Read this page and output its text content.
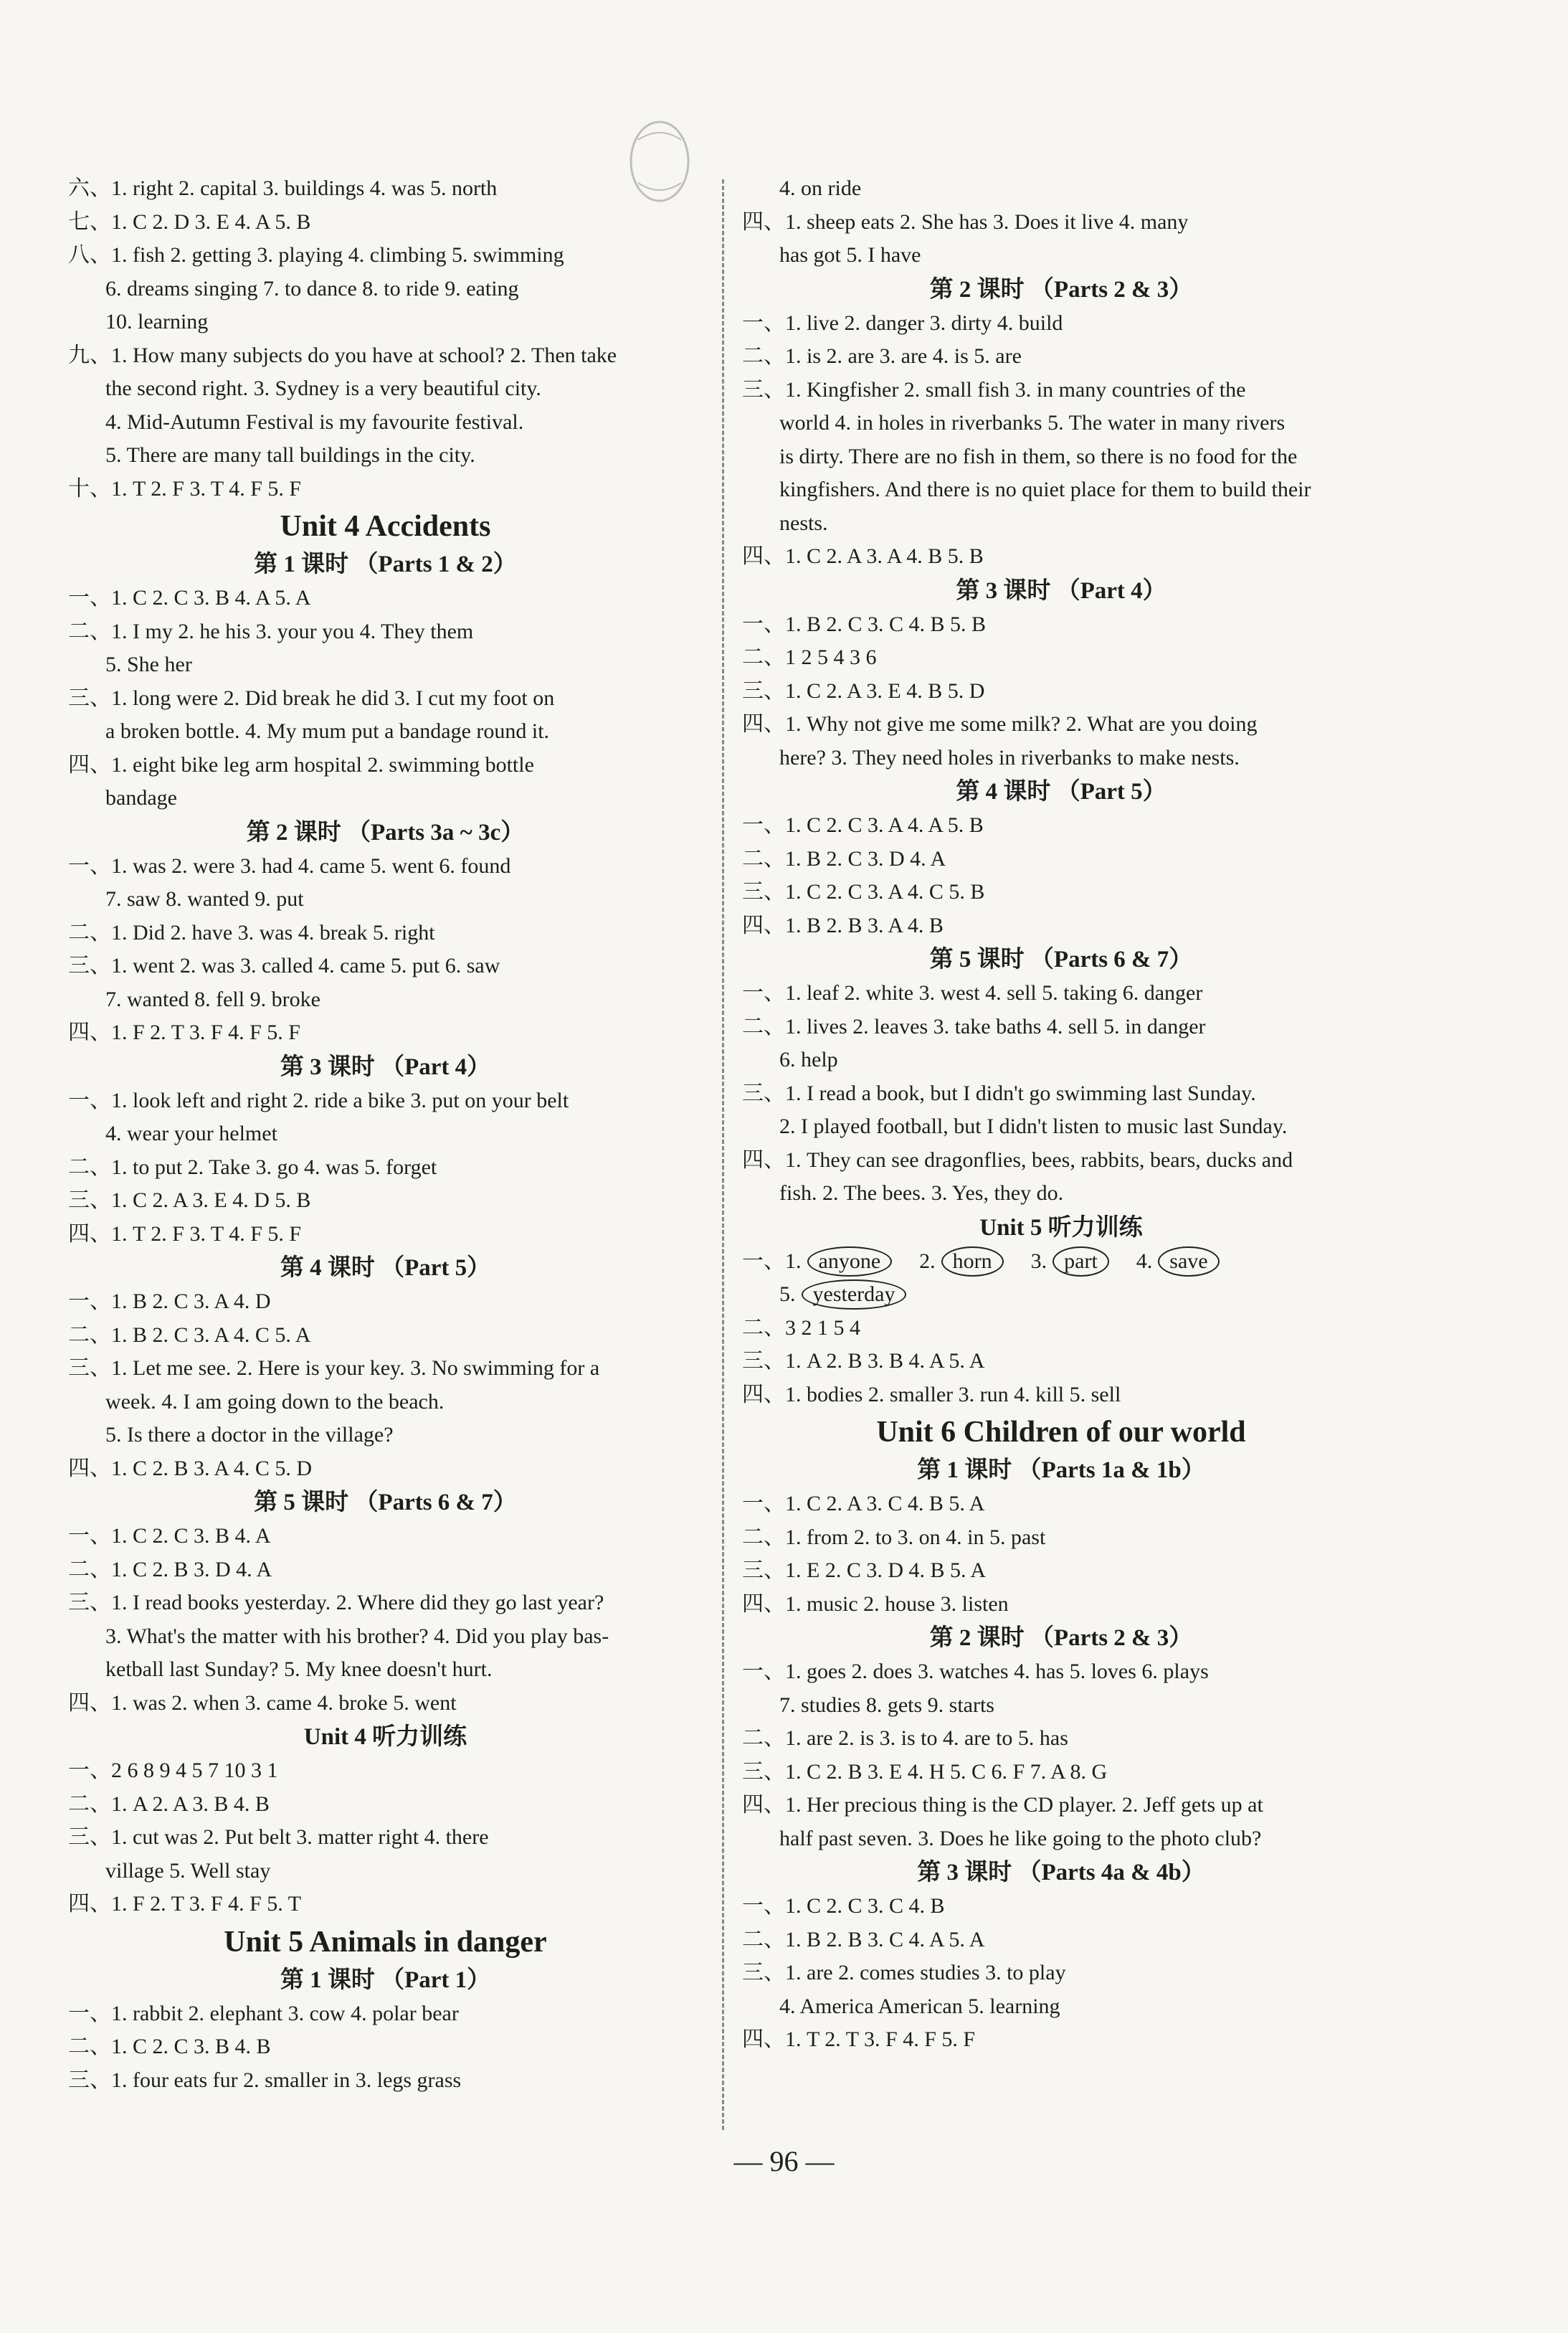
六、1. right 2. capital 3. buildings 4. was 5. north
七、1. C 2. D 3. E 4. A 5. B
八、1. fish 2. getting 3. playing 4. climbing 5. swimming
6. dreams singing 7. to dance 8. to ride 9. eating
10. learning
九、1. How many subjects do you have at school? 2. Then take
the second right. 3. Sydney is a very beautiful city.
4. Mid-Autumn Festival is my favourite festival.
5. There are many tall buildings in the city.
十、1. T 2. F 3. T 4. F 5. F
Unit 4 Accidents
第 1 课时 （Parts 1 & 2）
一、1. C 2. C 3. B 4. A 5. A
二、1. I my 2. he his 3. your you 4. They them
5. She her
三、1. long were 2. Did break he did 3. I cut my foot on
a broken bottle. 4. My mum put a bandage round it.
四、1. eight bike leg arm hospital 2. swimming bottle
bandage
第 2 课时 （Parts 3a ~ 3c）
一、1. was 2. were 3. had 4. came 5. went 6. found
7. saw 8. wanted 9. put
二、1. Did 2. have 3. was 4. break 5. right
三、1. went 2. was 3. called 4. came 5. put 6. saw
7. wanted 8. fell 9. broke
四、1. F 2. T 3. F 4. F 5. F
第 3 课时 （Part 4）
一、1. look left and right 2. ride a bike 3. put on your belt
4. wear your helmet
二、1. to put 2. Take 3. go 4. was 5. forget
三、1. C 2. A 3. E 4. D 5. B
四、1. T 2. F 3. T 4. F 5. F
第 4 课时 （Part 5）
一、1. B 2. C 3. A 4. D
二、1. B 2. C 3. A 4. C 5. A
三、1. Let me see. 2. Here is your key. 3. No swimming for a
week. 4. I am going down to the beach.
5. Is there a doctor in the village?
四、1. C 2. B 3. A 4. C 5. D
第 5 课时 （Parts 6 & 7）
一、1. C 2. C 3. B 4. A
二、1. C 2. B 3. D 4. A
三、1. I read books yesterday. 2. Where did they go last year?
3. What's the matter with his brother? 4. Did you play bas-
ketball last Sunday? 5. My knee doesn't hurt.
四、1. was 2. when 3. came 4. broke 5. went
Unit 4 听力训练
一、2 6 8 9 4 5 7 10 3 1
二、1. A 2. A 3. B 4. B
三、1. cut was 2. Put belt 3. matter right 4. there
village 5. Well stay
四、1. F 2. T 3. F 4. F 5. T
Unit 5 Animals in danger
第 1 课时 （Part 1）
一、1. rabbit 2. elephant 3. cow 4. polar bear
二、1. C 2. C 3. B 4. B
三、1. four eats fur 2. smaller in 3. legs grass
4. on ride
四、1. sheep eats 2. She has 3. Does it live 4. many
has got 5. I have
第 2 课时 （Parts 2 & 3）
一、1. live 2. danger 3. dirty 4. build
二、1. is 2. are 3. are 4. is 5. are
三、1. Kingfisher 2. small fish 3. in many countries of the
world 4. in holes in riverbanks 5. The water in many rivers
is dirty. There are no fish in them, so there is no food for the
kingfishers. And there is no quiet place for them to build their
nests.
四、1. C 2. A 3. A 4. B 5. B
第 3 课时 （Part 4）
一、1. B 2. C 3. C 4. B 5. B
二、1 2 5 4 3 6
三、1. C 2. A 3. E 4. B 5. D
四、1. Why not give me some milk? 2. What are you doing
here? 3. They need holes in riverbanks to make nests.
第 4 课时 （Part 5）
一、1. C 2. C 3. A 4. A 5. B
二、1. B 2. C 3. D 4. A
三、1. C 2. C 3. A 4. C 5. B
四、1. B 2. B 3. A 4. B
第 5 课时 （Parts 6 & 7）
一、1. leaf 2. white 3. west 4. sell 5. taking 6. danger
二、1. lives 2. leaves 3. take baths 4. sell 5. in danger
6. help
三、1. I read a book, but I didn't go swimming last Sunday.
2. I played football, but I didn't listen to music last Sunday.
四、1. They can see dragonflies, bees, rabbits, bears, ducks and
fish. 2. The bees. 3. Yes, they do.
Unit 5 听力训练
一、1. anyone 2. horn 3. part 4. save
5. yesterday
二、3 2 1 5 4
三、1. A 2. B 3. B 4. A 5. A
四、1. bodies 2. smaller 3. run 4. kill 5. sell
Unit 6 Children of our world
第 1 课时 （Parts 1a & 1b）
一、1. C 2. A 3. C 4. B 5. A
二、1. from 2. to 3. on 4. in 5. past
三、1. E 2. C 3. D 4. B 5. A
四、1. music 2. house 3. listen
第 2 课时 （Parts 2 & 3）
一、1. goes 2. does 3. watches 4. has 5. loves 6. plays
7. studies 8. gets 9. starts
二、1. are 2. is 3. is to 4. are to 5. has
三、1. C 2. B 3. E 4. H 5. C 6. F 7. A 8. G
四、1. Her precious thing is the CD player. 2. Jeff gets up at
half past seven. 3. Does he like going to the photo club?
第 3 课时 （Parts 4a & 4b）
一、1. C 2. C 3. C 4. B
二、1. B 2. B 3. C 4. A 5. A
三、1. are 2. comes studies 3. to play
4. America American 5. learning
四、1. T 2. T 3. F 4. F 5. F
— 96 —
